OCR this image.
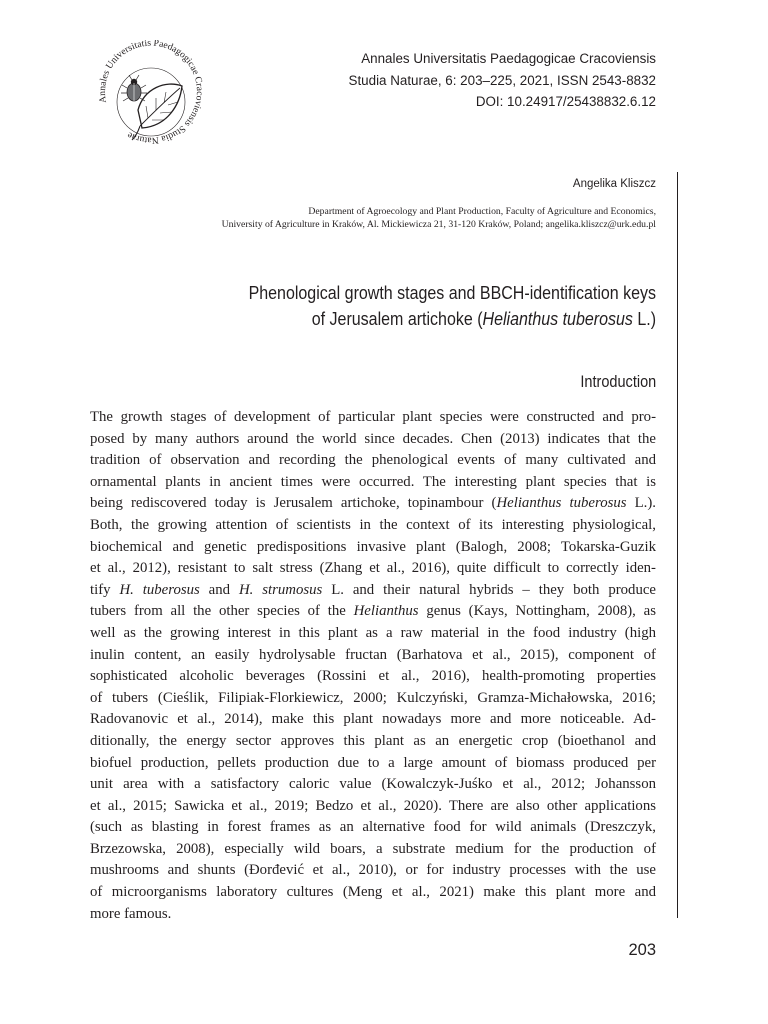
Annales Universitatis Paedagogicae Cracoviensis Studia Naturae
Annales Universitatis Paedagogicae Cracoviensis
Studia Naturae, 6: 203–225, 2021, ISSN 2543-8832
DOI: 10.24917/25438832.6.12
Angelika Kliszcz
Department of Agroecology and Plant Production, Faculty of Agriculture and Economics,
University of Agriculture in Kraków, Al. Mickiewicza 21, 31-120 Kraków, Poland; angelika.kliszcz@urk.edu.pl
Phenological growth stages and BBCH-identification keys
of Jerusalem artichoke (Helianthus tuberosus L.)
Introduction
The growth stages of development of particular plant species were constructed and pro-
posed by many authors around the world since decades. Chen (2013) indicates that the
tradition of observation and recording the phenological events of many cultivated and
ornamental plants in ancient times were occurred. The interesting plant species that is
being rediscovered today is Jerusalem artichoke, topinambour (Helianthus tuberosus L.).
Both, the growing attention of scientists in the context of its interesting physiological,
biochemical and genetic predispositions invasive plant (Balogh, 2008; Tokarska-Guzik
et al., 2012), resistant to salt stress (Zhang et al., 2016), quite difficult to correctly iden-
tify H. tuberosus and H. strumosus L. and their natural hybrids – they both produce
tubers from all the other species of the Helianthus genus (Kays, Nottingham, 2008), as
well as the growing interest in this plant as a raw material in the food industry (high
inulin content, an easily hydrolysable fructan (Barhatova et al., 2015), component of
sophisticated alcoholic beverages (Rossini et al., 2016), health-promoting properties
of tubers (Cieślik, Filipiak-Florkiewicz, 2000; Kulczyński, Gramza-Michałowska, 2016;
Radovanovic et al., 2014), make this plant nowadays more and more noticeable. Ad-
ditionally, the energy sector approves this plant as an energetic crop (bioethanol and
biofuel production, pellets production due to a large amount of biomass produced per
unit area with a satisfactory caloric value (Kowalczyk-Juśko et al., 2012; Johansson
et al., 2015; Sawicka et al., 2019; Bedzo et al., 2020). There are also other applications
(such as blasting in forest frames as an alternative food for wild animals (Dreszczyk,
Brzezowska, 2008), especially wild boars, a substrate medium for the production of
mushrooms and shunts (Đorđević et al., 2010), or for industry processes with the use
of microorganisms laboratory cultures (Meng et al., 2021) make this plant more and
more famous.
203
